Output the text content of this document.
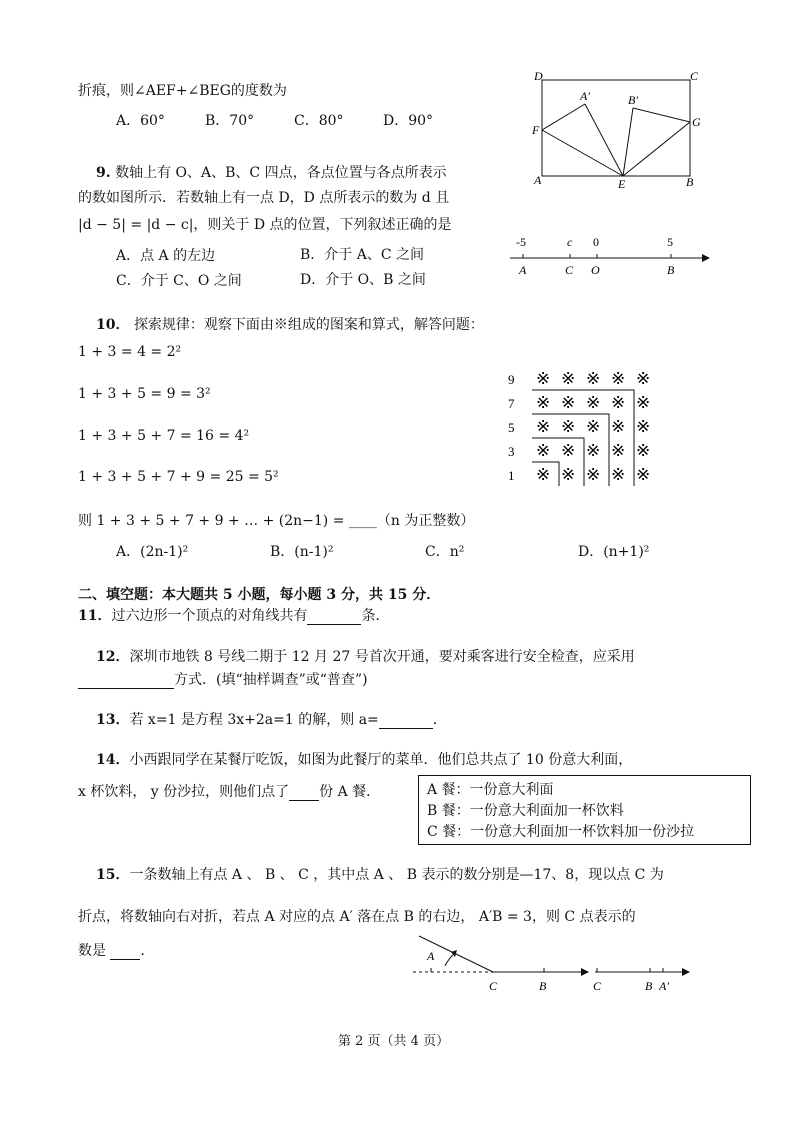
折痕，则∠AEF+∠BEG的度数为
A．60°	B．70°	C．80°	D．90°
D	C
A′	B′
F
G
A	E	B
9. 数轴上有 O、A、B、C 四点，各点位置与各点所表示
的数如图所示．若数轴上有一点 D，D 点所表示的数为 d 且
|d − 5| = |d − c|，则关于 D 点的位置，下列叙述正确的是
A．点 A 的左边	B．介于 A、C 之间
C．介于 C、O 之间	D．介于 O、B 之间
-5	c 0	5
A	C O	B
10． 探索规律：观察下面由※组成的图案和算式，解答问题：
1 + 3 = 4 = 2²
1 + 3 + 5 = 9 = 3²
1 + 3 + 5 + 7 = 16 = 4²
1 + 3 + 5 + 7 + 9 = 25 = 5²
9 ※ ※ ※ ※ ※
7 ※ ※ ※ ※ ※
5 ※ ※ ※ ※ ※
3 ※ ※ ※ ※ ※
1 ※ ※ ※ ※ ※
则 1 + 3 + 5 + 7 + 9 + … + (2n−1) = ____（n 为正整数）
A．(2n-1)²	B．(n-1)²	C．n²	D．(n+1)²
二、填空题：本大题共 5 小题，每小题 3 分，共 15 分．
11．过六边形一个顶点的对角线共有	条．
12．深圳市地铁 8 号线二期于 12 月 27 号首次开通，要对乘客进行安全检查，应采用
方式．(填“抽样调查”或“普查”)
13．若 x=1 是方程 3x+2a=1 的解，则 a=	．
14．小西跟同学在某餐厅吃饭，如图为此餐厅的菜单．他们总共点了 10 份意大利面，
x 杯饮料， y 份沙拉，则他们点了 份 A 餐．	A 餐：一份意大利面
B 餐：一份意大利面加一杯饮料
C 餐：一份意大利面加一杯饮料加一份沙拉
15．一条数轴上有点 A 、 B 、 C ，其中点 A 、 B 表示的数分别是—17、8，现以点 C 为
折点，将数轴向右对折，若点 A 对应的点 A′ 落在点 B 的右边， A′B = 3，则 C 点表示的
数是 ．	A
C	B	C	B A′
第 2 页（共 4 页）
